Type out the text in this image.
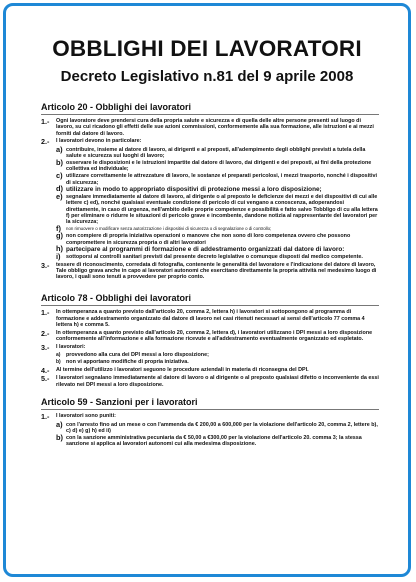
OBBLIGHI DEI LAVORATORI
Decreto Legislativo n.81 del 9 aprile 2008
Articolo 20 - Obblighi dei lavoratori
1.-	Ogni lavoratore deve prendersi cura della propria salute e sicurezza e di quella delle altre persone presenti sul luogo di lavoro, su cui ricadono gli effetti delle sue azioni commissioni, conformemente alla sua formazione, alle istruzioni e ai mezzi forniti dal datore di lavoro.
2.-	I lavoratori devono in particolare:
a) contribuire, insieme al datore di lavoro, ai dirigenti e al preposti, all'adempimento degli obblighi previsti a tutela della salute e sicurezza sui luoghi di lavoro;
b) osservare le disposizioni e le istruzioni impartite dal datore di lavoro, dai dirigenti e dei preposti, ai fini della protezione collettiva ed individuale;
c) utilizzare correttamente le attrezzature di lavoro, le sostanze el preparati pericolosi, i mezzi trasporto, nonché i dispositivi di sicurezza;
d) utilizzare in modo to appropriato dispositivi di protezione messi a loro disposizione;
e) segnalare immediatamente al datore di lavoro, al dirigente o al preposto le deficienze dei mezzi e dei dispositivi di cui alle lettere c) ed), nonché qualsiasi eventuale condizione di pericolo di cui vengano a conoscenza, adoperandosi direttamente, in caso di urgenza, nell'ambito delle proprie competenze e possibilità e fatto salvo Tobbligo di cu alla lettera f) per eliminare o ridurre le situazioni di pericolo grave e incombente, dandone notizia al rappresentante del lavoratori per la sicurezza;
f)	non rimuovere o modificare senza autorizzazione i dispositivi di sicurezza o di segnalazione o di controllo;
g) non compiere di propria iniziativa operazioni o manovre che non sono di loro competenza ovvero che possono compromettere in sicurezza propria o di altri lavoratori
h) partecipare al programmi di formazione e di addestramento organizzati dal datore di lavoro:
i)	sottoporsi al controlli sanitari previsti dal presente decreto legislative o comunque disposti dal medico competente.
3.-	tessere di riconoscimento, corredata di fotografia, contenente le generalità del lavoratore e l'indicazione del datore di lavoro, Tale obbligo grava anche in capo ai lavoratori autonomi che esercitano direttamente la propria attività nel medesimo luogo di lavoro, i quali sono tenuti a provvedere per proprio conto.
Articolo 78 - Obblighi dei lavoratori
1.-	In ottemperanza a quanto previsto dall'articolo 20, comma 2, lettera h) i lavoratori si sottopongono al programma di formazione e addestramento organizzato dal datore di lavoro nei casi ritenuti necessari ai sensi dell'articolo 77 comma 4 lettera h) e comma 5.
2.-	In ottemperanza a quanto previsto dall'articolo 20, comma 2, lettera d), i lavoratori utilizzano i DPI messi a loro disposizione conformemente all'informazione e alla formazione ricevute e all'addestramento eventualmente organizzato ed espletato.
3.-	I lavoratori:
a)	provvedono alla cura dei DPI messi a loro disposizione;
b) non vi apportano modifiche di propria iniziativa.
4.-	Al termine dell'utilizzo i lavoratori seguono le procedure aziendali in materia di riconsegna del DPI.
5.-	I lavoratori segnalano immediatamente al datore di lavoro o al dirigente o al preposto qualsiasi difetto o inconveniente da essi rilevato nei DPI messi a loro disposizione.
Articolo 59 - Sanzioni per i lavoratori
1.-	I lavoratori sono puniti:
a) con l'arresto fino ad un mese o con l'ammenda da € 200,00 a 600,000 per la violazione dell'articolo 20, comma 2, lettere b), c) d) e) g) h) ed ii)
b) con la sanzione amministrativa pecuniaria da € 50,00 a €300,00 per la violazione dell'articolo 20. comma 3; la stessa sanzione si applica ai lavoratori autonomi cui alla medesima disposizione.
